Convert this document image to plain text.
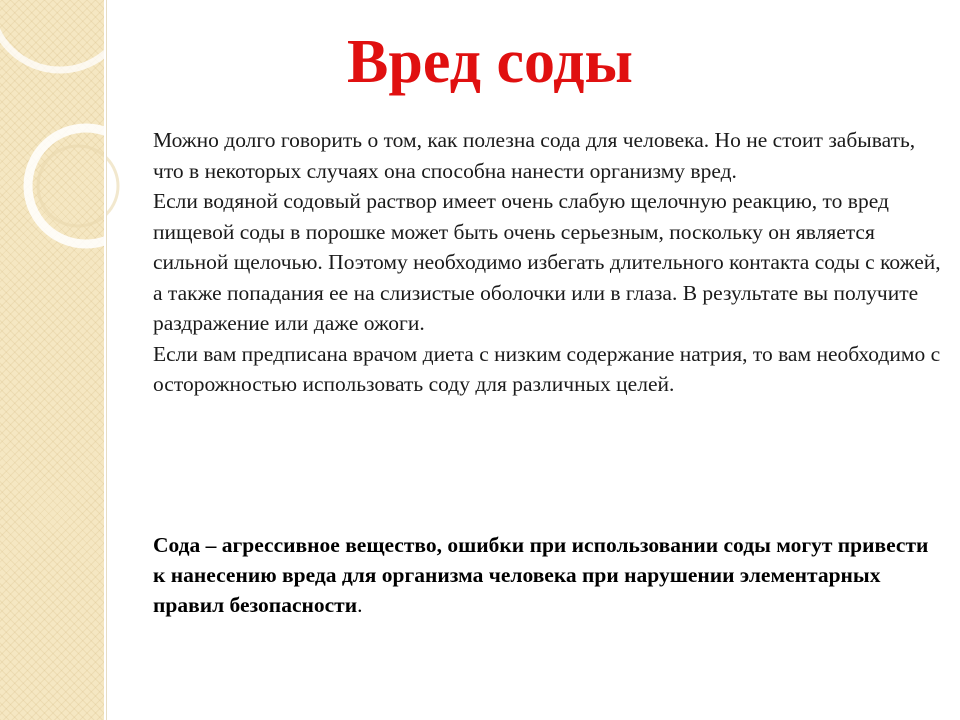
Вред соды

Можно долго говорить о том, как полезна сода для человека. Но не стоит забывать, что в некоторых случаях она способна нанести организму вред.

Если водяной содовый раствор имеет очень слабую щелочную реакцию, то вред пищевой соды в порошке может быть очень серьезным, поскольку он является сильной щелочью. Поэтому необходимо избегать длительного контакта соды с кожей, а также попадания ее на слизистые оболочки или в глаза. В результате вы получите раздражение или даже ожоги.

Если вам предписана врачом диета с низким содержание натрия, то вам необходимо с осторожностью использовать соду для различных целей.

Сода – агрессивное вещество, ошибки при использовании соды могут привести к нанесению вреда для организма человека при нарушении элементарных правил безопасности.
